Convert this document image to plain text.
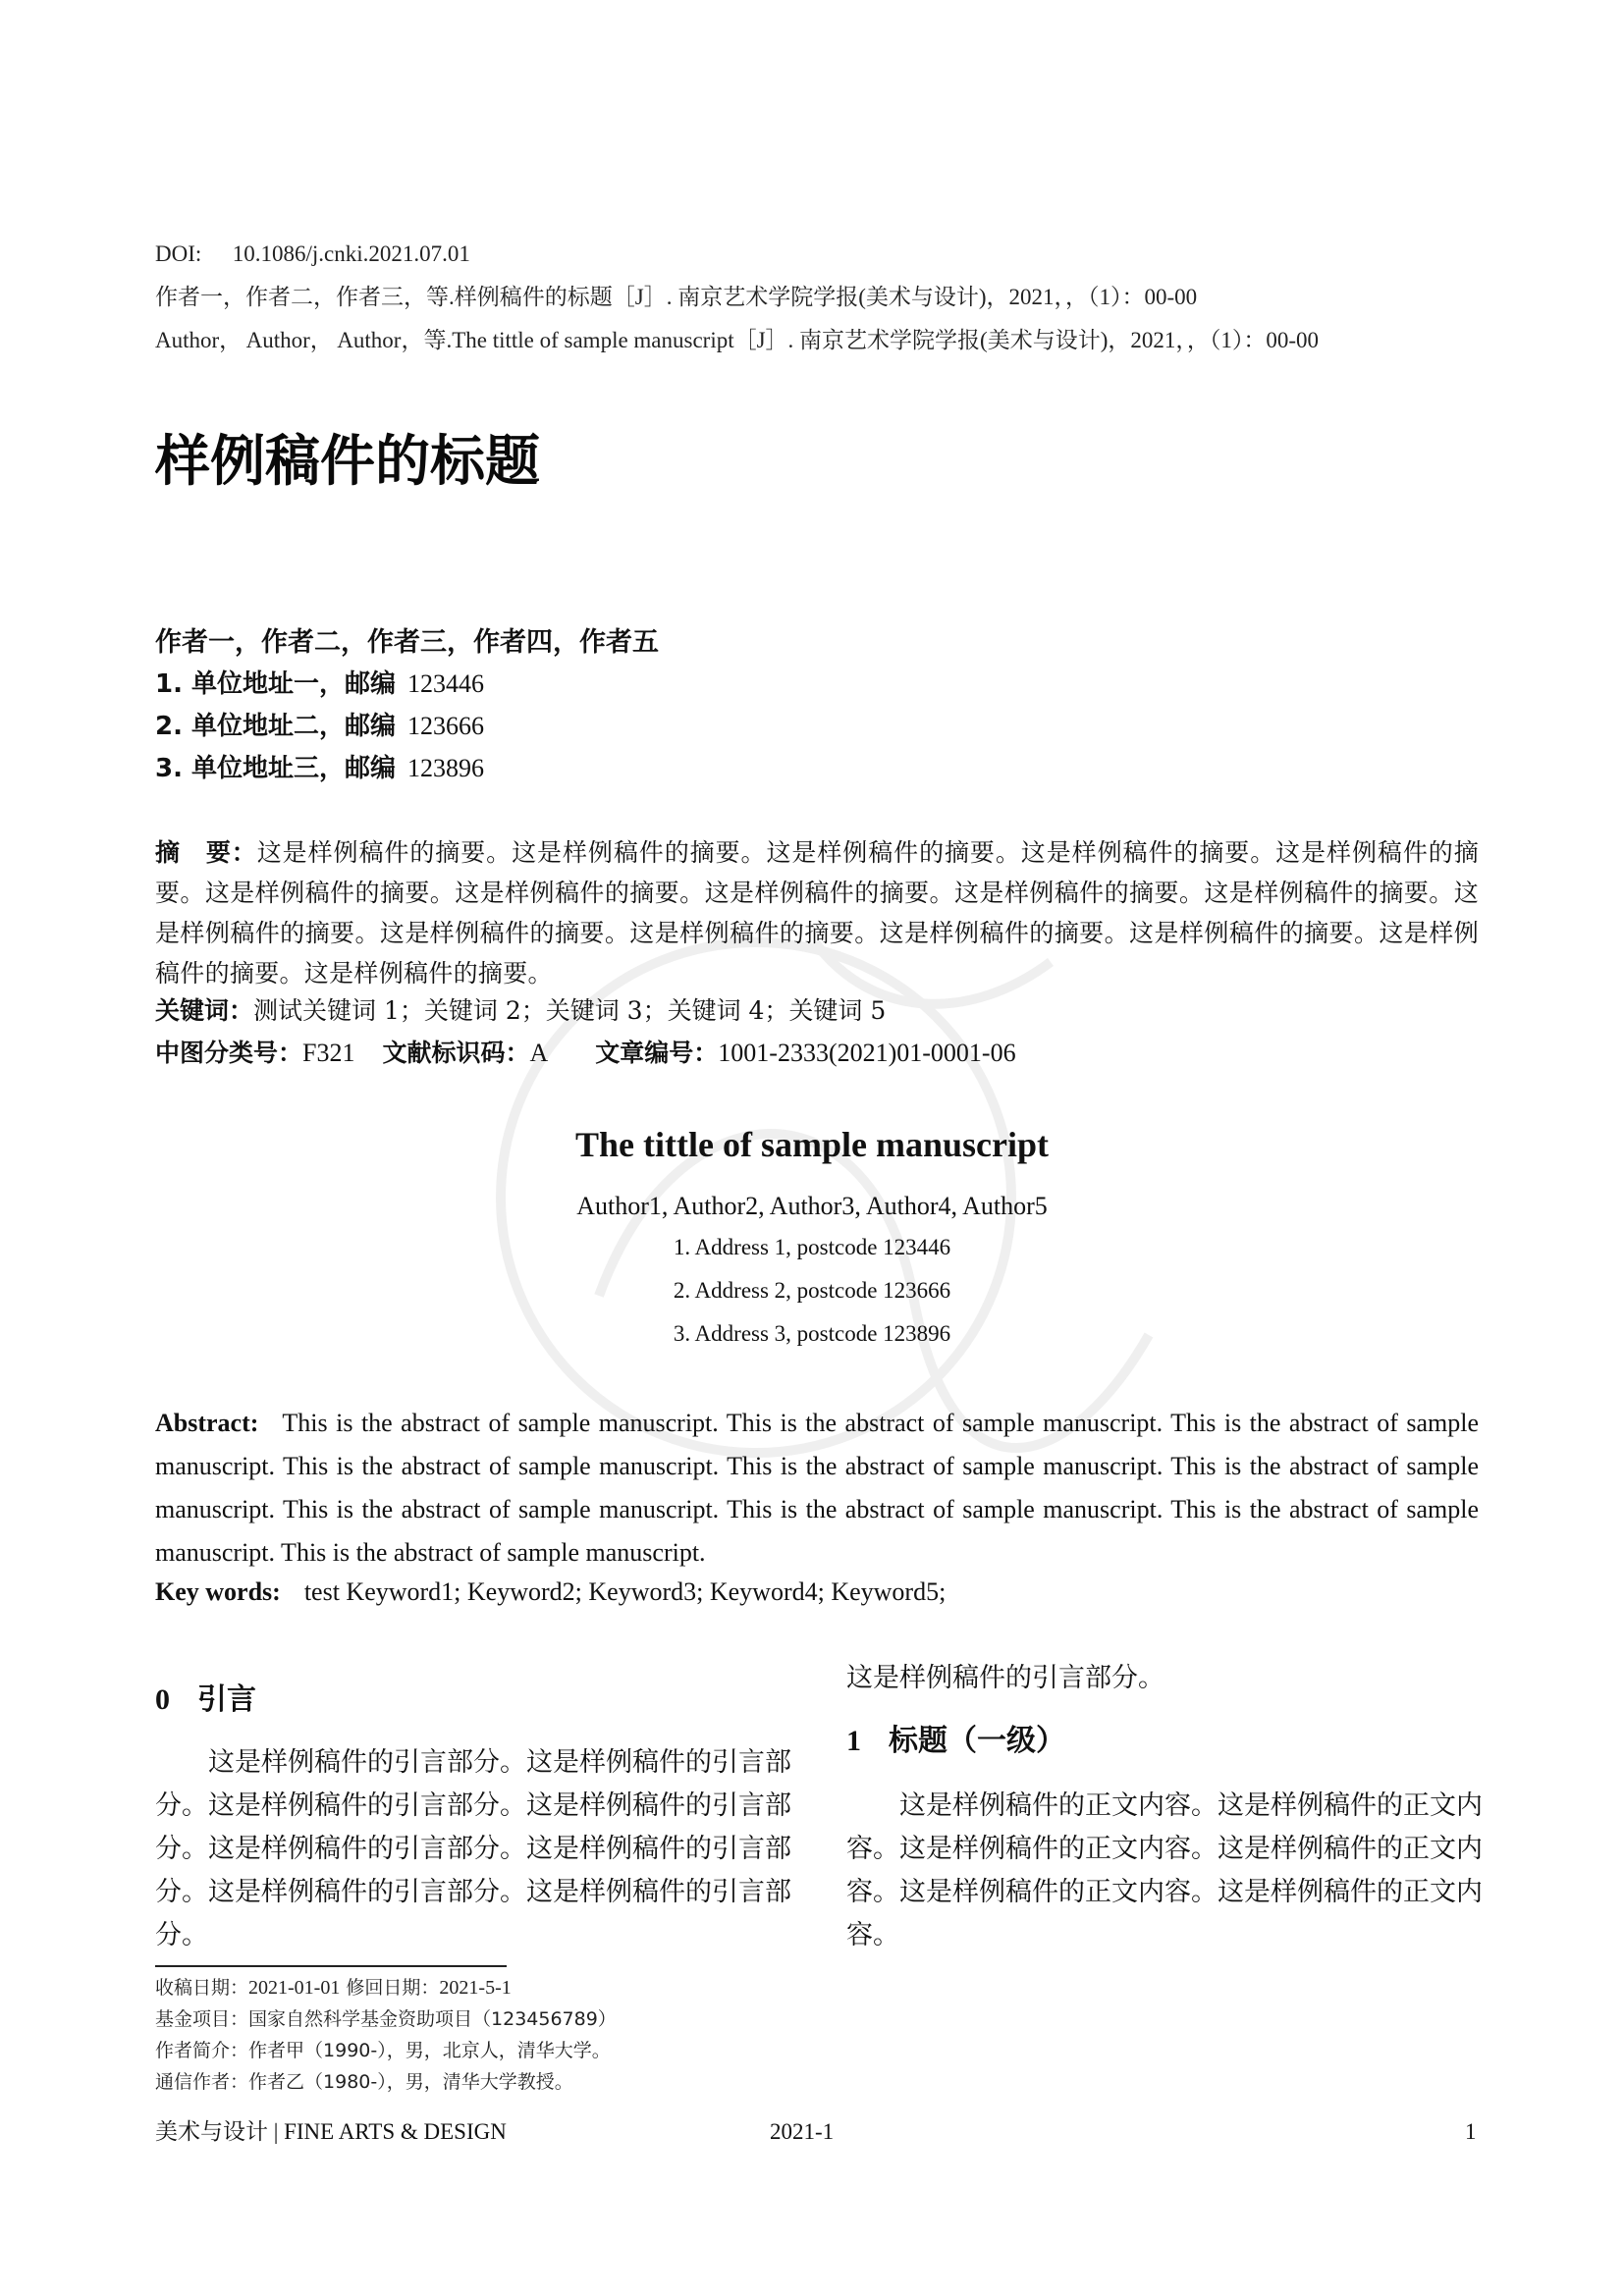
DOI: 10.1086/j.cnki.2021.07.01
作者一，作者二，作者三，等.样例稿件的标题［J］. 南京艺术学院学报(美术与设计)，2021，，（1）：00-00
Author， Author， Author，等.The tittle of sample manuscript［J］. 南京艺术学院学报(美术与设计)，2021，，（1）：00-00
样例稿件的标题
作者一，作者二，作者三，作者四，作者五
1. 单位地址一，邮编 123446
2. 单位地址二，邮编 123666
3. 单位地址三，邮编 123896
摘　要：这是样例稿件的摘要。这是样例稿件的摘要。这是样例稿件的摘要。这是样例稿件的摘要。这是样例稿件的摘要。这是样例稿件的摘要。这是样例稿件的摘要。这是样例稿件的摘要。这是样例稿件的摘要。这是样例稿件的摘要。这是样例稿件的摘要。这是样例稿件的摘要。这是样例稿件的摘要。这是样例稿件的摘要。这是样例稿件的摘要。这是样例稿件的摘要。这是样例稿件的摘要。
关键词：测试关键词 1；关键词 2；关键词 3；关键词 4；关键词 5
中图分类号：F321 文献标识码：A 文章编号：1001-2333(2021)01-0001-06
The tittle of sample manuscript
Author1, Author2, Author3, Author4, Author5
1. Address 1, postcode 123446
2. Address 2, postcode 123666
3. Address 3, postcode 123896
Abstract: This is the abstract of sample manuscript. This is the abstract of sample manuscript. This is the abstract of sample manuscript. This is the abstract of sample manuscript. This is the abstract of sample manuscript. This is the abstract of sample manuscript. This is the abstract of sample manuscript. This is the abstract of sample manuscript. This is the abstract of sample manuscript. This is the abstract of sample manuscript.
Key words: test Keyword1; Keyword2; Keyword3; Keyword4; Keyword5;
0 引言
这是样例稿件的引言部分。这是样例稿件的引言部分。这是样例稿件的引言部分。这是样例稿件的引言部分。这是样例稿件的引言部分。这是样例稿件的引言部分。这是样例稿件的引言部分。这是样例稿件的引言部分。
这是样例稿件的引言部分。
1 标题（一级）
这是样例稿件的正文内容。这是样例稿件的正文内容。这是样例稿件的正文内容。这是样例稿件的正文内容。这是样例稿件的正文内容。这是样例稿件的正文内容。
收稿日期：2021-01-01 修回日期：2021-5-1
基金项目：国家自然科学基金资助项目（123456789）
作者简介：作者甲（1990-），男，北京人，清华大学。
通信作者：作者乙（1980-），男，清华大学教授。
美术与设计 | FINE ARTS & DESIGN	2021-1	1
